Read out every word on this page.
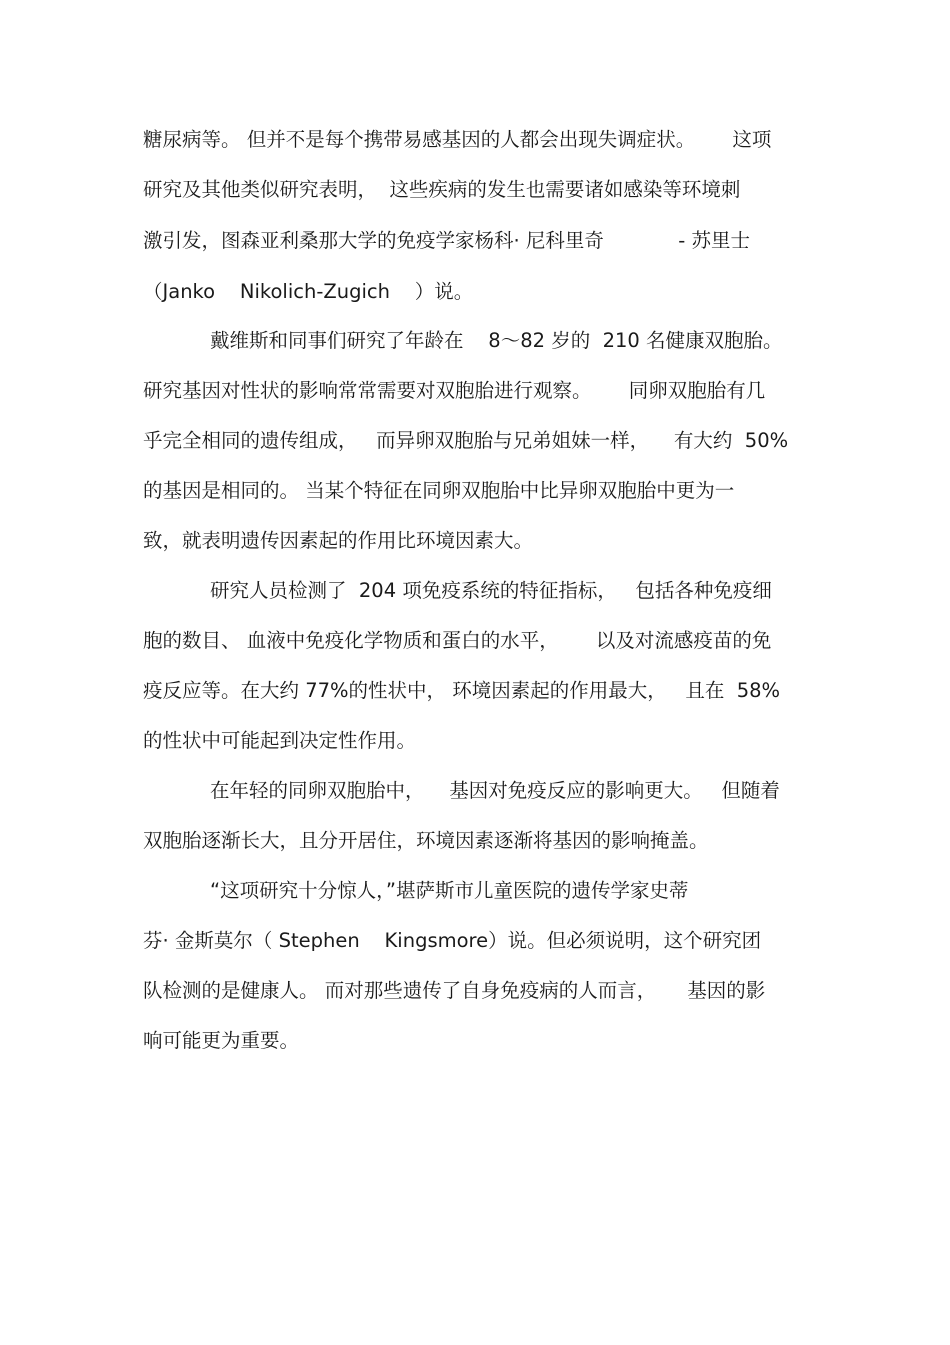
糖尿病等。 但并不是每个携带易感基因的人都会出现失调症状。      这项
研究及其他类似研究表明，  这些疾病的发生也需要诸如感染等环境刺
激引发，图森亚利桑那大学的免疫学家杨科· 尼科里奇            - 苏里士
（Janko    Nikolich-Zugich    ）说。
戴维斯和同事们研究了年龄在    8～82 岁的  210 名健康双胞胎。
研究基因对性状的影响常常需要对双胞胎进行观察。      同卵双胞胎有几
乎完全相同的遗传组成，   而异卵双胞胎与兄弟姐妹一样，    有大约  50%
的基因是相同的。 当某个特征在同卵双胞胎中比异卵双胞胎中更为一
致，就表明遗传因素起的作用比环境因素大。
研究人员检测了  204 项免疫系统的特征指标，   包括各种免疫细
胞的数目、 血液中免疫化学物质和蛋白的水平，      以及对流感疫苗的免
疫反应等。在大约 77%的性状中， 环境因素起的作用最大，   且在  58%
的性状中可能起到决定性作用。
在年轻的同卵双胞胎中，    基因对免疫反应的影响更大。   但随着
双胞胎逐渐长大，且分开居住，环境因素逐渐将基因的影响掩盖。
“这项研究十分惊人，”堪萨斯市儿童医院的遗传学家史蒂
芬· 金斯莫尔（ Stephen    Kingsmore）说。但必须说明，这个研究团
队检测的是健康人。 而对那些遗传了自身免疫病的人而言，     基因的影
响可能更为重要。
